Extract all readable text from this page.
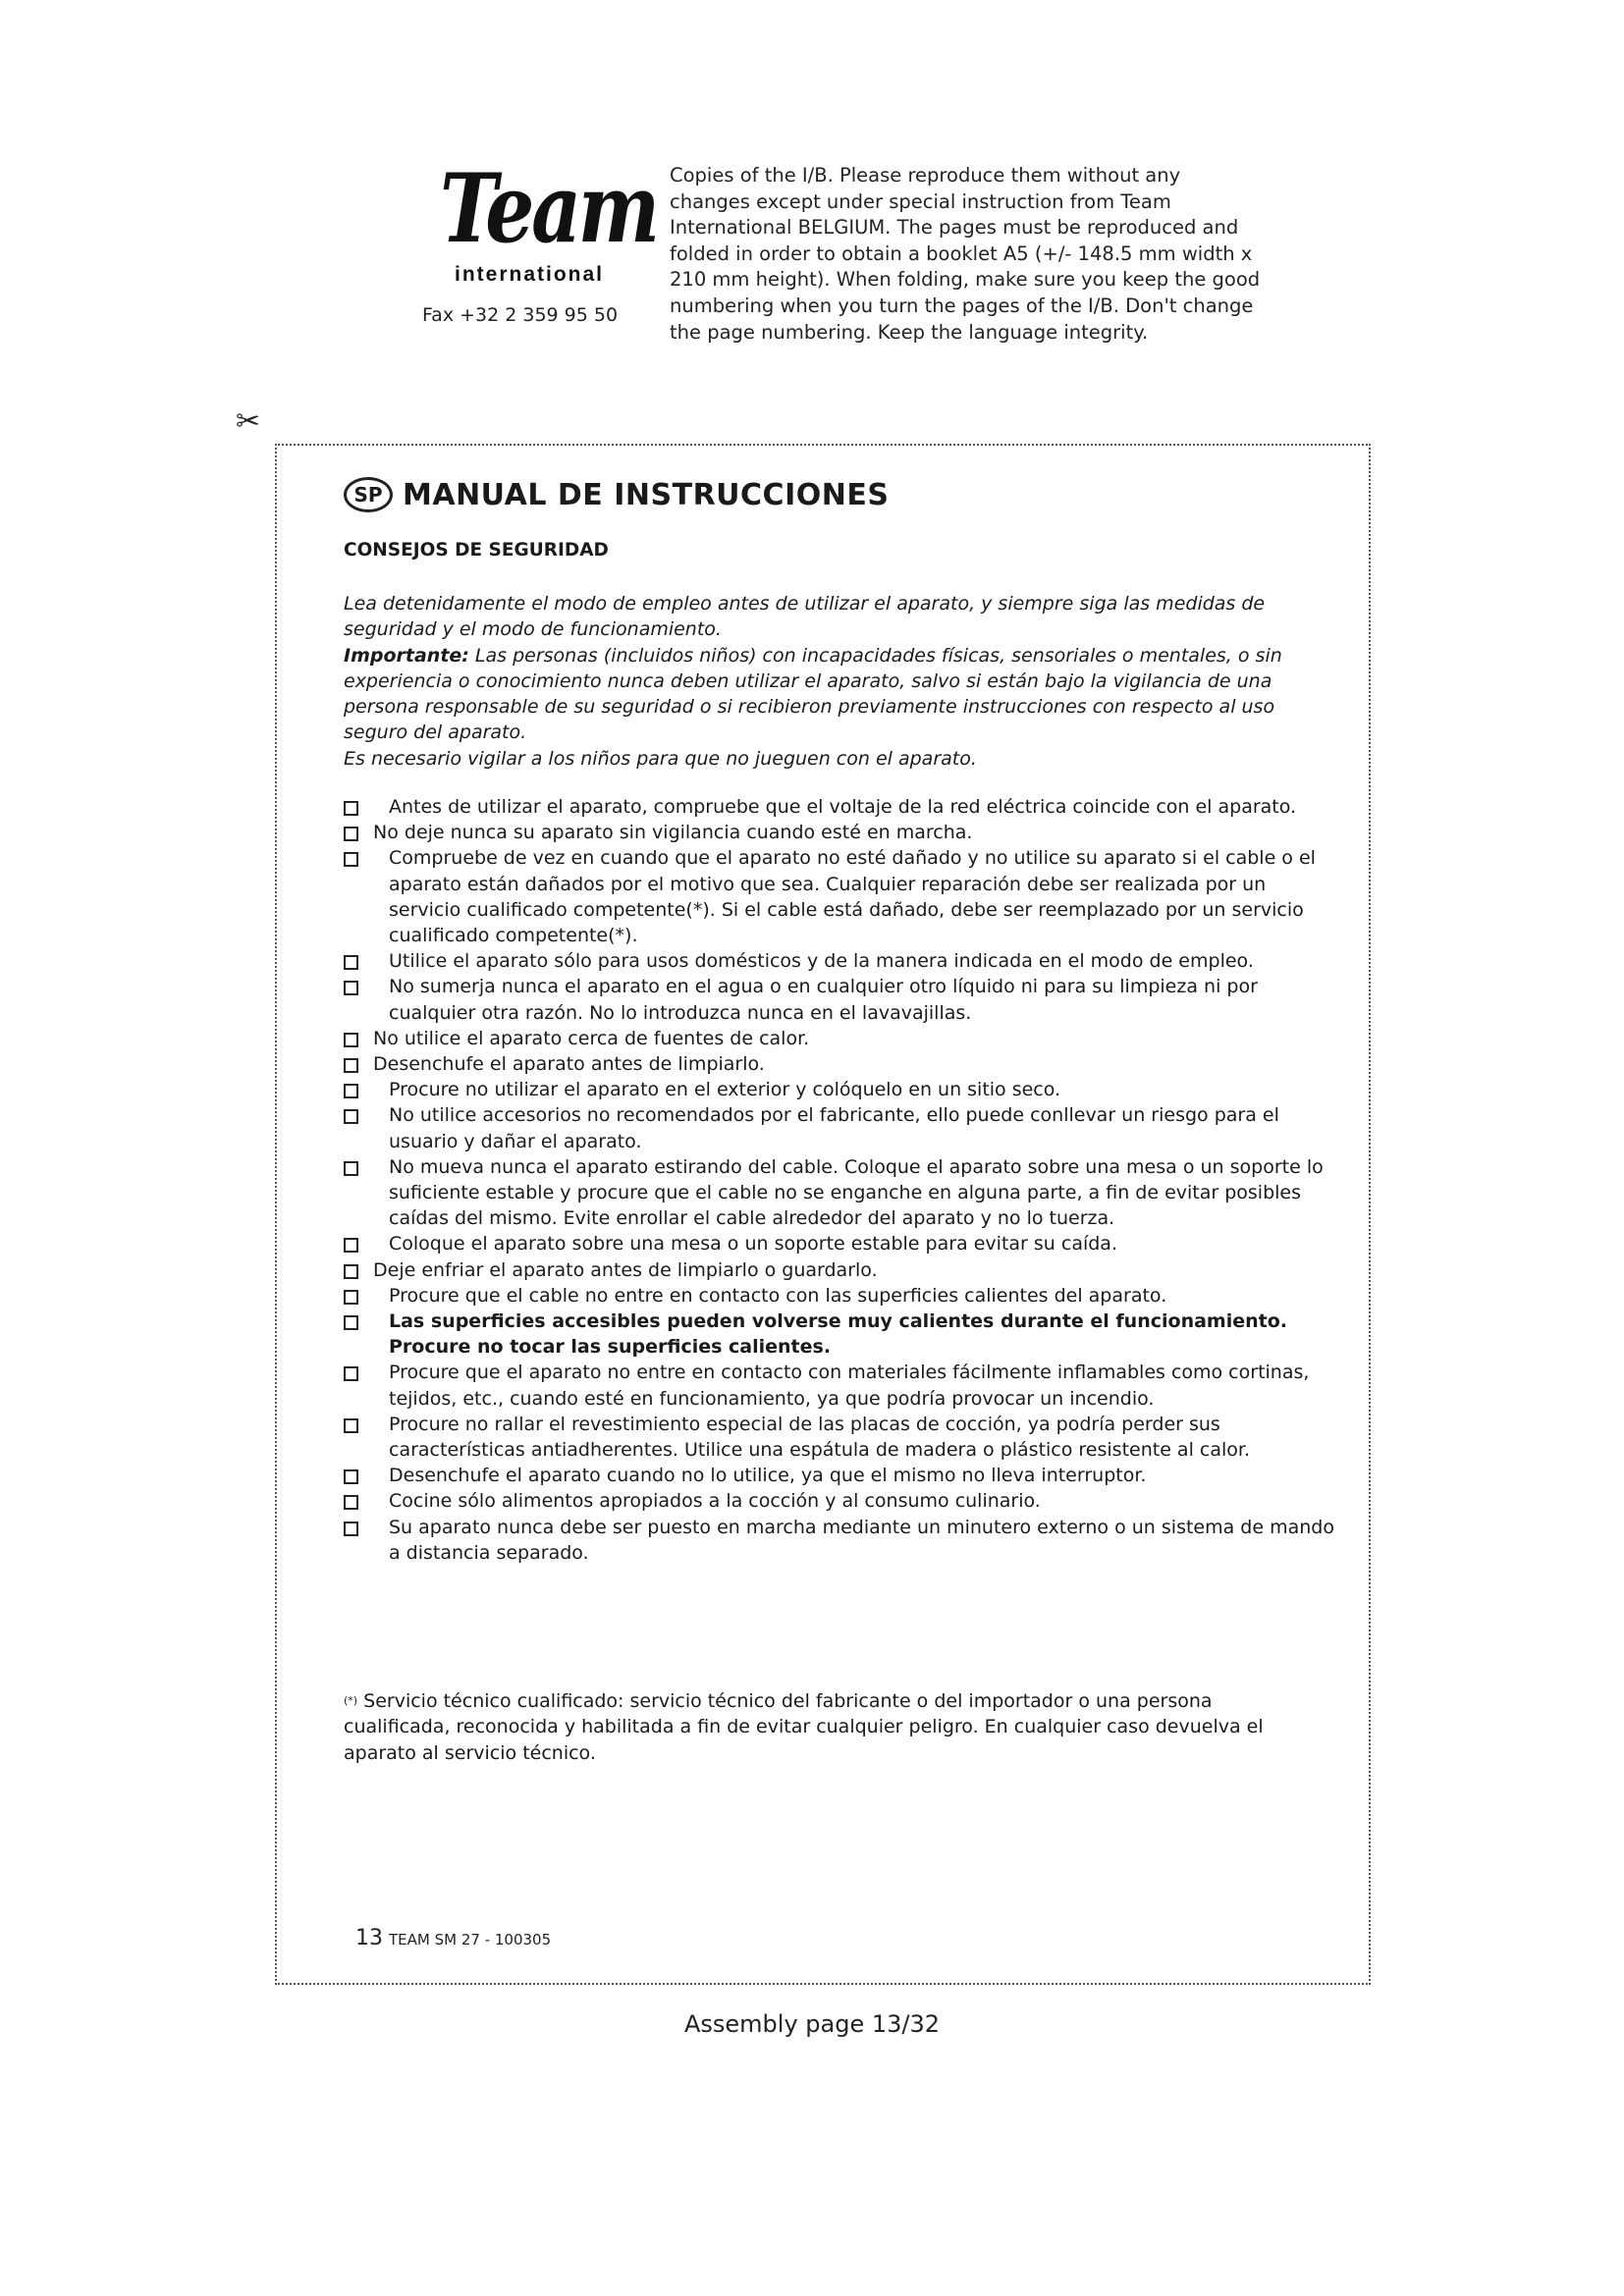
Team
international
Fax +32 2 359 95 50
Copies of the I/B. Please reproduce them without any
changes except under special instruction from Team
International BELGIUM. The pages must be reproduced and
folded in order to obtain a booklet A5 (+/- 148.5 mm width x
210 mm height). When folding, make sure you keep the good
numbering when you turn the pages of the I/B. Don't change
the page numbering. Keep the language integrity.
✂
SP MANUAL DE INSTRUCCIONES
CONSEJOS DE SEGURIDAD

Lea detenidamente el modo de empleo antes de utilizar el aparato, y siempre siga las medidas de seguridad y el modo de funcionamiento.

Importante: Las personas (incluidos niños) con incapacidades físicas, sensoriales o mentales, o sin experiencia o conocimiento nunca deben utilizar el aparato, salvo si están bajo la vigilancia de una persona responsable de su seguridad o si recibieron previamente instrucciones con respecto al uso seguro del aparato.

Es necesario vigilar a los niños para que no jueguen con el aparato.

Antes de utilizar el aparato, compruebe que el voltaje de la red eléctrica coincide con el aparato.
No deje nunca su aparato sin vigilancia cuando esté en marcha.
Compruebe de vez en cuando que el aparato no esté dañado y no utilice su aparato si el cable o el aparato están dañados por el motivo que sea. Cualquier reparación debe ser realizada por un servicio cualificado competente(*). Si el cable está dañado, debe ser reemplazado por un servicio cualificado competente(*).
Utilice el aparato sólo para usos domésticos y de la manera indicada en el modo de empleo.
No sumerja nunca el aparato en el agua o en cualquier otro líquido ni para su limpieza ni por cualquier otra razón. No lo introduzca nunca en el lavavajillas.
No utilice el aparato cerca de fuentes de calor.
Desenchufe el aparato antes de limpiarlo.
Procure no utilizar el aparato en el exterior y colóquelo en un sitio seco.
No utilice accesorios no recomendados por el fabricante, ello puede conllevar un riesgo para el usuario y dañar el aparato.
No mueva nunca el aparato estirando del cable. Coloque el aparato sobre una mesa o un soporte lo suficiente estable y procure que el cable no se enganche en alguna parte, a fin de evitar posibles caídas del mismo. Evite enrollar el cable alrededor del aparato y no lo tuerza.
Coloque el aparato sobre una mesa o un soporte estable para evitar su caída.
Deje enfriar el aparato antes de limpiarlo o guardarlo.
Procure que el cable no entre en contacto con las superficies calientes del aparato.
Las superficies accesibles pueden volverse muy calientes durante el funcionamiento. Procure no tocar las superficies calientes.
Procure que el aparato no entre en contacto con materiales fácilmente inflamables como cortinas, tejidos, etc., cuando esté en funcionamiento, ya que podría provocar un incendio.
Procure no rallar el revestimiento especial de las placas de cocción, ya podría perder sus características antiadherentes. Utilice una espátula de madera o plástico resistente al calor.
Desenchufe el aparato cuando no lo utilice, ya que el mismo no lleva interruptor.
Cocine sólo alimentos apropiados a la cocción y al consumo culinario.
Su aparato nunca debe ser puesto en marcha mediante un minutero externo o un sistema de mando a distancia separado.
(*) Servicio técnico cualificado: servicio técnico del fabricante o del importador o una persona cualificada, reconocida y habilitada a fin de evitar cualquier peligro. En cualquier caso devuelva el aparato al servicio técnico.
13 TEAM SM 27 - 100305
Assembly page 13/32
